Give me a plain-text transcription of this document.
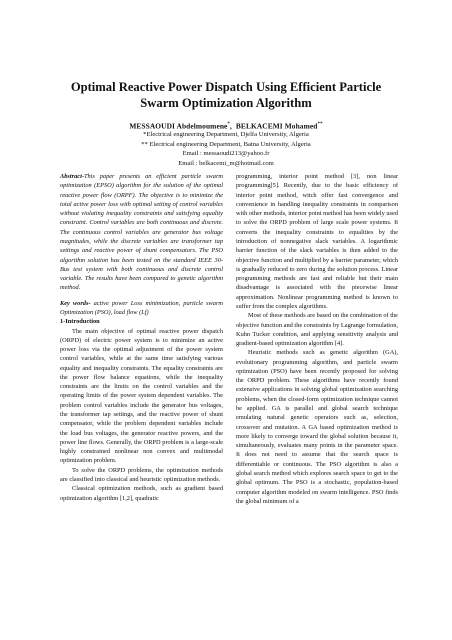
Optimal Reactive Power Dispatch Using Efficient Particle
Swarm Optimization Algorithm
MESSAOUDI Abdelmoumene*, BELKACEMI Mohamed**
*Electrical engineering Department, Djelfa University, Algeria
** Electrical engineering Department, Batna University, Algeria
Email : messaoudi213@yahoo.fr
Email : belkacemi_m@hotmail.com

Abstract-This paper presents an efficient particle swarm optimization (EPSO) algorithm for the solution of the optimal reactive power flow (ORPF). The objective is to minimize the total active power loss with optimal setting of control variables without violating inequality constraints and satisfying equality constraint. Control variables are both continuous and discrete. The continuous control variables are generator bus voltage magnitudes, while the discrete variables are transformer tap settings and reactive power of shunt compensators. The PSO algorithm solution has been tested on the standard IEEE 30-Bus test system with both continuous and discrete control variable. The results have been compared to genetic algorithm method.

Key words- active power Loss minimization, particle swarm Optimization (PSO), load flow (Lf)

1-Introduction

The main objective of optimal reactive power dispatch (ORPD) of electric power system is to minimize an active power loss via the optimal adjustment of the power system control variables, while at the same time satisfying various equality and inequality constraints. The equality constraints are the power flow balance equations, while the inequality constraints are the limits on the control variables and the operating limits of the power system dependent variables. The problem control variables include the generator bus voltages, the transformer tap settings, and the reactive power of shunt compensator, while the problem dependent variables include the load bus voltages, the generator reactive powers, and the power line flows. Generally, the ORPD problem is a large-scale highly constrained nonlinear non convex and multimodal optimization problem.

To solve the ORPD problems, the optimization methods are classified into classical and heuristic optimization methods.

Classical optimization methods, such as gradient based optimization algorithm [1,2], quadratic

programming, interior point method [3], non linear programming[5]. Recently, due to the basic efficiency of interior point method, witch offer fast convergence and convenience in handling inequality constraints in comparison with other methods, interior point method has been widely used to solve the ORPD problem of large scale power systems. It converts the inequality constraints to equalities by the introduction of nonnegative slack variables. A logarithmic barrier function of the slack variables is then added to the objective function and multiplied by a barrier parameter, which is gradually reduced to zero during the solution process. Linear programming methods are fast and reliable but their main disadvantage is associated with the piecewise linear approximation. Nonlinear programming method is known to suffer from the complex algorithms.

Most of these methods are based on the combination of the objective function and the constraints by Lagrange formulation, Kuhn Tucker condition, and applying sensitivity analysis and gradient-based optimization algorithm [4].

Heuristic methods such as genetic algorithm (GA), evolutionary programming algorithm, and particle swarm optimization (PSO) have been recently proposed for solving the ORPD problem. These algorithms have recently found extensive applications in solving global optimization searching problems, when the closed-form optimization technique cannot be applied. GA is parallel and global search technique emulating natural genetic operators such as, selection, crossover and mutation. A GA based optimization method is more likely to converge toward the global solution because it, simultaneously, evaluates many points in the parameter space. It does not need to assume that the search space is differentiable or continuous. The PSO algorithm is also a global search method which explores search space to get to the global optimum. The PSO is a stochastic, population-based computer algorithm modeled on swarm intelligence. PSO finds the global minimum of a
